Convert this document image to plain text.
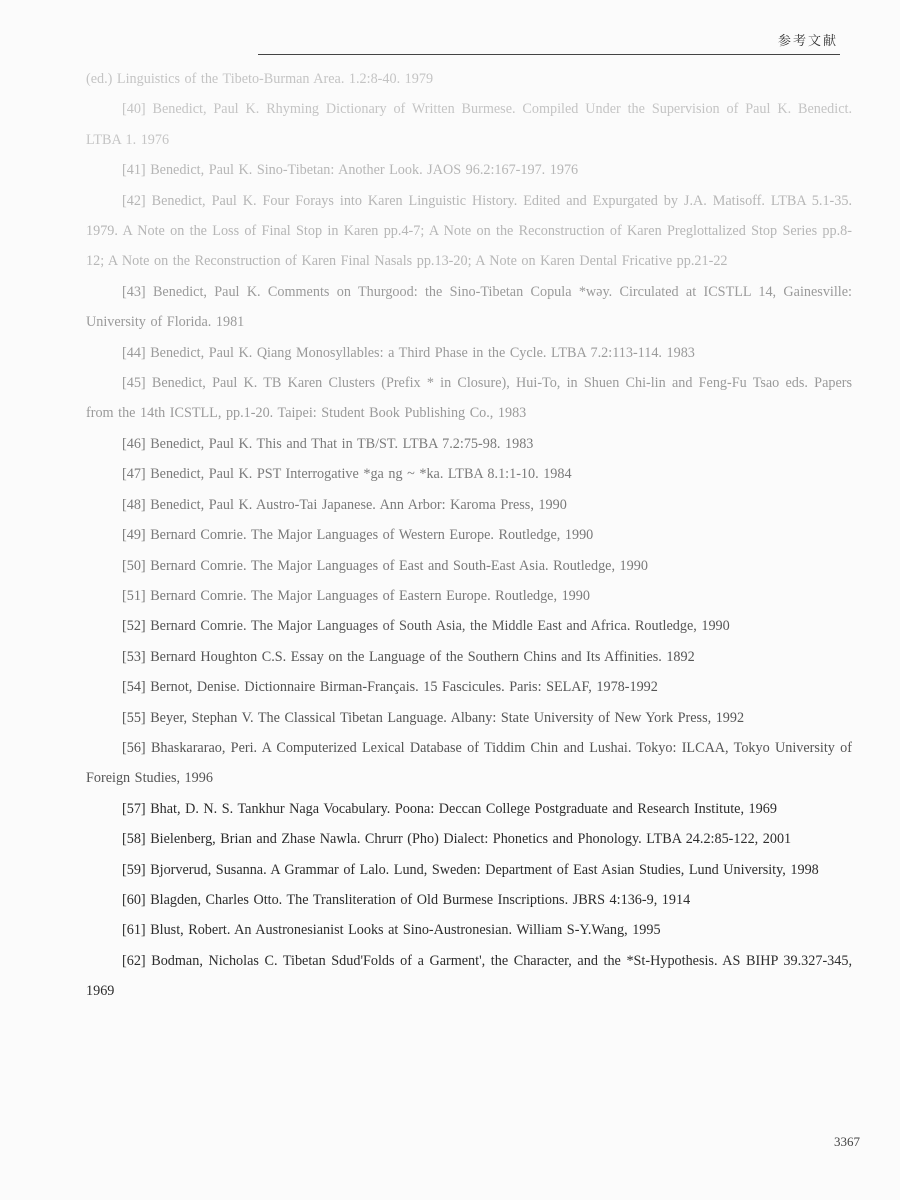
参考文献

(ed.) Linguistics of the Tibeto-Burman Area. 1.2:8-40. 1979

[40] Benedict, Paul K. Rhyming Dictionary of Written Burmese. Compiled Under the Supervision of Paul K. Benedict. LTBA 1. 1976

[41] Benedict, Paul K. Sino-Tibetan: Another Look. JAOS 96.2:167-197. 1976

[42] Benedict, Paul K. Four Forays into Karen Linguistic History. Edited and Expurgated by J.A. Matisoff. LTBA 5.1-35. 1979. A Note on the Loss of Final Stop in Karen pp.4-7; A Note on the Reconstruction of Karen Preglottalized Stop Series pp.8-12; A Note on the Reconstruction of Karen Final Nasals pp.13-20; A Note on Karen Dental Fricative pp.21-22

[43] Benedict, Paul K. Comments on Thurgood: the Sino-Tibetan Copula *wəy. Circulated at ICSTLL 14, Gainesville: University of Florida. 1981

[44] Benedict, Paul K. Qiang Monosyllables: a Third Phase in the Cycle. LTBA 7.2:113-114. 1983

[45] Benedict, Paul K. TB Karen Clusters (Prefix * in Closure), Hui-To, in Shuen Chi-lin and Feng-Fu Tsao eds. Papers from the 14th ICSTLL, pp.1-20. Taipei: Student Book Publishing Co., 1983

[46] Benedict, Paul K. This and That in TB/ST. LTBA 7.2:75-98. 1983

[47] Benedict, Paul K. PST Interrogative *ga ng ~ *ka. LTBA 8.1:1-10. 1984

[48] Benedict, Paul K. Austro-Tai Japanese. Ann Arbor: Karoma Press, 1990

[49] Bernard Comrie. The Major Languages of Western Europe. Routledge, 1990

[50] Bernard Comrie. The Major Languages of East and South-East Asia. Routledge, 1990

[51] Bernard Comrie. The Major Languages of Eastern Europe. Routledge, 1990

[52] Bernard Comrie. The Major Languages of South Asia, the Middle East and Africa. Routledge, 1990

[53] Bernard Houghton C.S. Essay on the Language of the Southern Chins and Its Affinities. 1892

[54] Bernot, Denise. Dictionnaire Birman-Français. 15 Fascicules. Paris: SELAF, 1978-1992

[55] Beyer, Stephan V. The Classical Tibetan Language. Albany: State University of New York Press, 1992

[56] Bhaskararao, Peri. A Computerized Lexical Database of Tiddim Chin and Lushai. Tokyo: ILCAA, Tokyo University of Foreign Studies, 1996

[57] Bhat, D. N. S. Tankhur Naga Vocabulary. Poona: Deccan College Postgraduate and Research Institute, 1969

[58] Bielenberg, Brian and Zhase Nawla. Chrurr (Pho) Dialect: Phonetics and Phonology. LTBA 24.2:85-122, 2001

[59] Bjorverud, Susanna. A Grammar of Lalo. Lund, Sweden: Department of East Asian Studies, Lund University, 1998

[60] Blagden, Charles Otto. The Transliteration of Old Burmese Inscriptions. JBRS 4:136-9, 1914

[61] Blust, Robert. An Austronesianist Looks at Sino-Austronesian. William S-Y.Wang, 1995

[62] Bodman, Nicholas C. Tibetan Sdud'Folds of a Garment', the Character, and the *St-Hypothesis. AS BIHP 39.327-345, 1969

3367
